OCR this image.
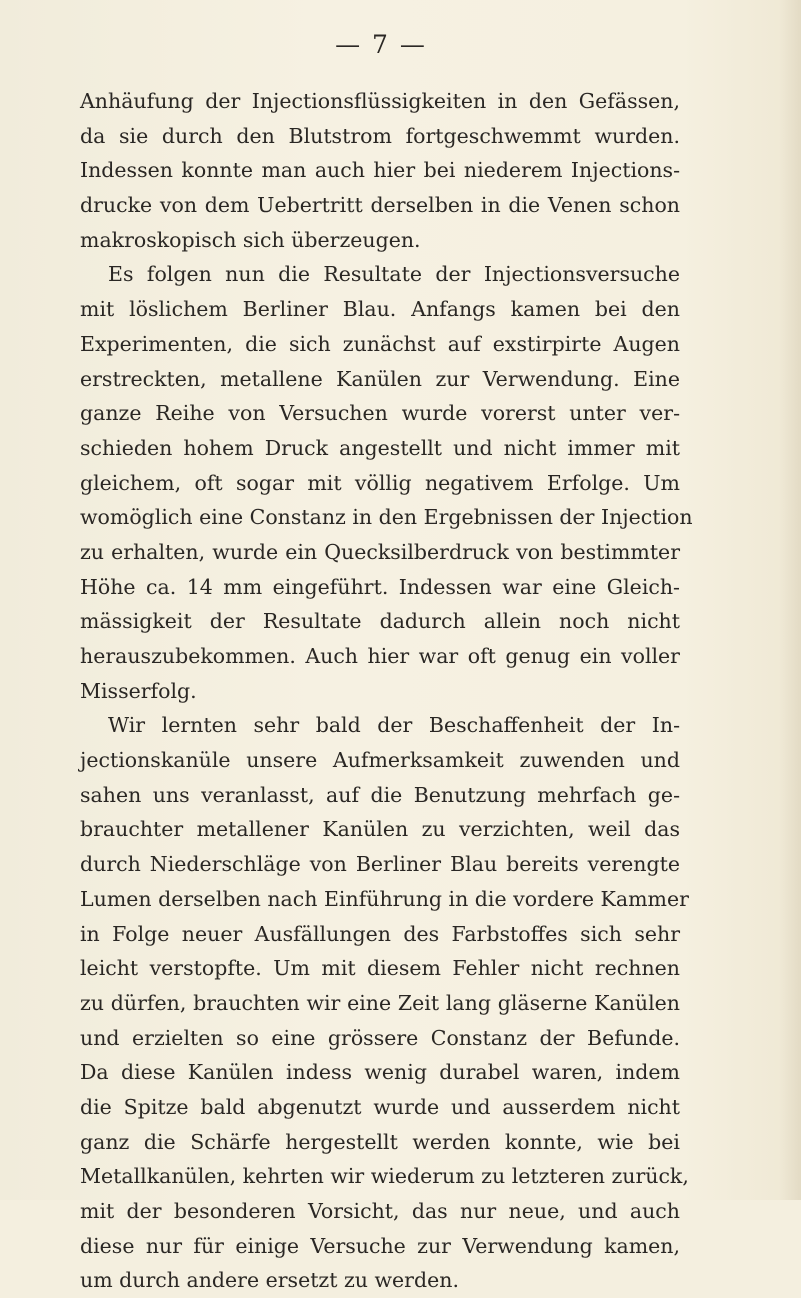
— 7 —

Anhäufung der Injectionsflüssigkeiten in den Gefässen,
da sie durch den Blutstrom fortgeschwemmt wurden.
Indessen konnte man auch hier bei niederem Injections-
drucke von dem Uebertritt derselben in die Venen schon
makroskopisch sich überzeugen.
Es folgen nun die Resultate der Injectionsversuche
mit löslichem Berliner Blau. Anfangs kamen bei den
Experimenten, die sich zunächst auf exstirpirte Augen
erstreckten, metallene Kanülen zur Verwendung. Eine
ganze Reihe von Versuchen wurde vorerst unter ver-
schieden hohem Druck angestellt und nicht immer mit
gleichem, oft sogar mit völlig negativem Erfolge. Um
womöglich eine Constanz in den Ergebnissen der Injection
zu erhalten, wurde ein Quecksilberdruck von bestimmter
Höhe ca. 14 mm eingeführt. Indessen war eine Gleich-
mässigkeit der Resultate dadurch allein noch nicht
herauszubekommen. Auch hier war oft genug ein voller
Misserfolg.
Wir lernten sehr bald der Beschaffenheit der In-
jectionskanüle unsere Aufmerksamkeit zuwenden und
sahen uns veranlasst, auf die Benutzung mehrfach ge-
brauchter metallener Kanülen zu verzichten, weil das
durch Niederschläge von Berliner Blau bereits verengte
Lumen derselben nach Einführung in die vordere Kammer
in Folge neuer Ausfällungen des Farbstoffes sich sehr
leicht verstopfte. Um mit diesem Fehler nicht rechnen
zu dürfen, brauchten wir eine Zeit lang gläserne Kanülen
und erzielten so eine grössere Constanz der Befunde.
Da diese Kanülen indess wenig durabel waren, indem
die Spitze bald abgenutzt wurde und ausserdem nicht
ganz die Schärfe hergestellt werden konnte, wie bei
Metallkanülen, kehrten wir wiederum zu letzteren zurück,
mit der besonderen Vorsicht, das nur neue, und auch
diese nur für einige Versuche zur Verwendung kamen,
um durch andere ersetzt zu werden.
